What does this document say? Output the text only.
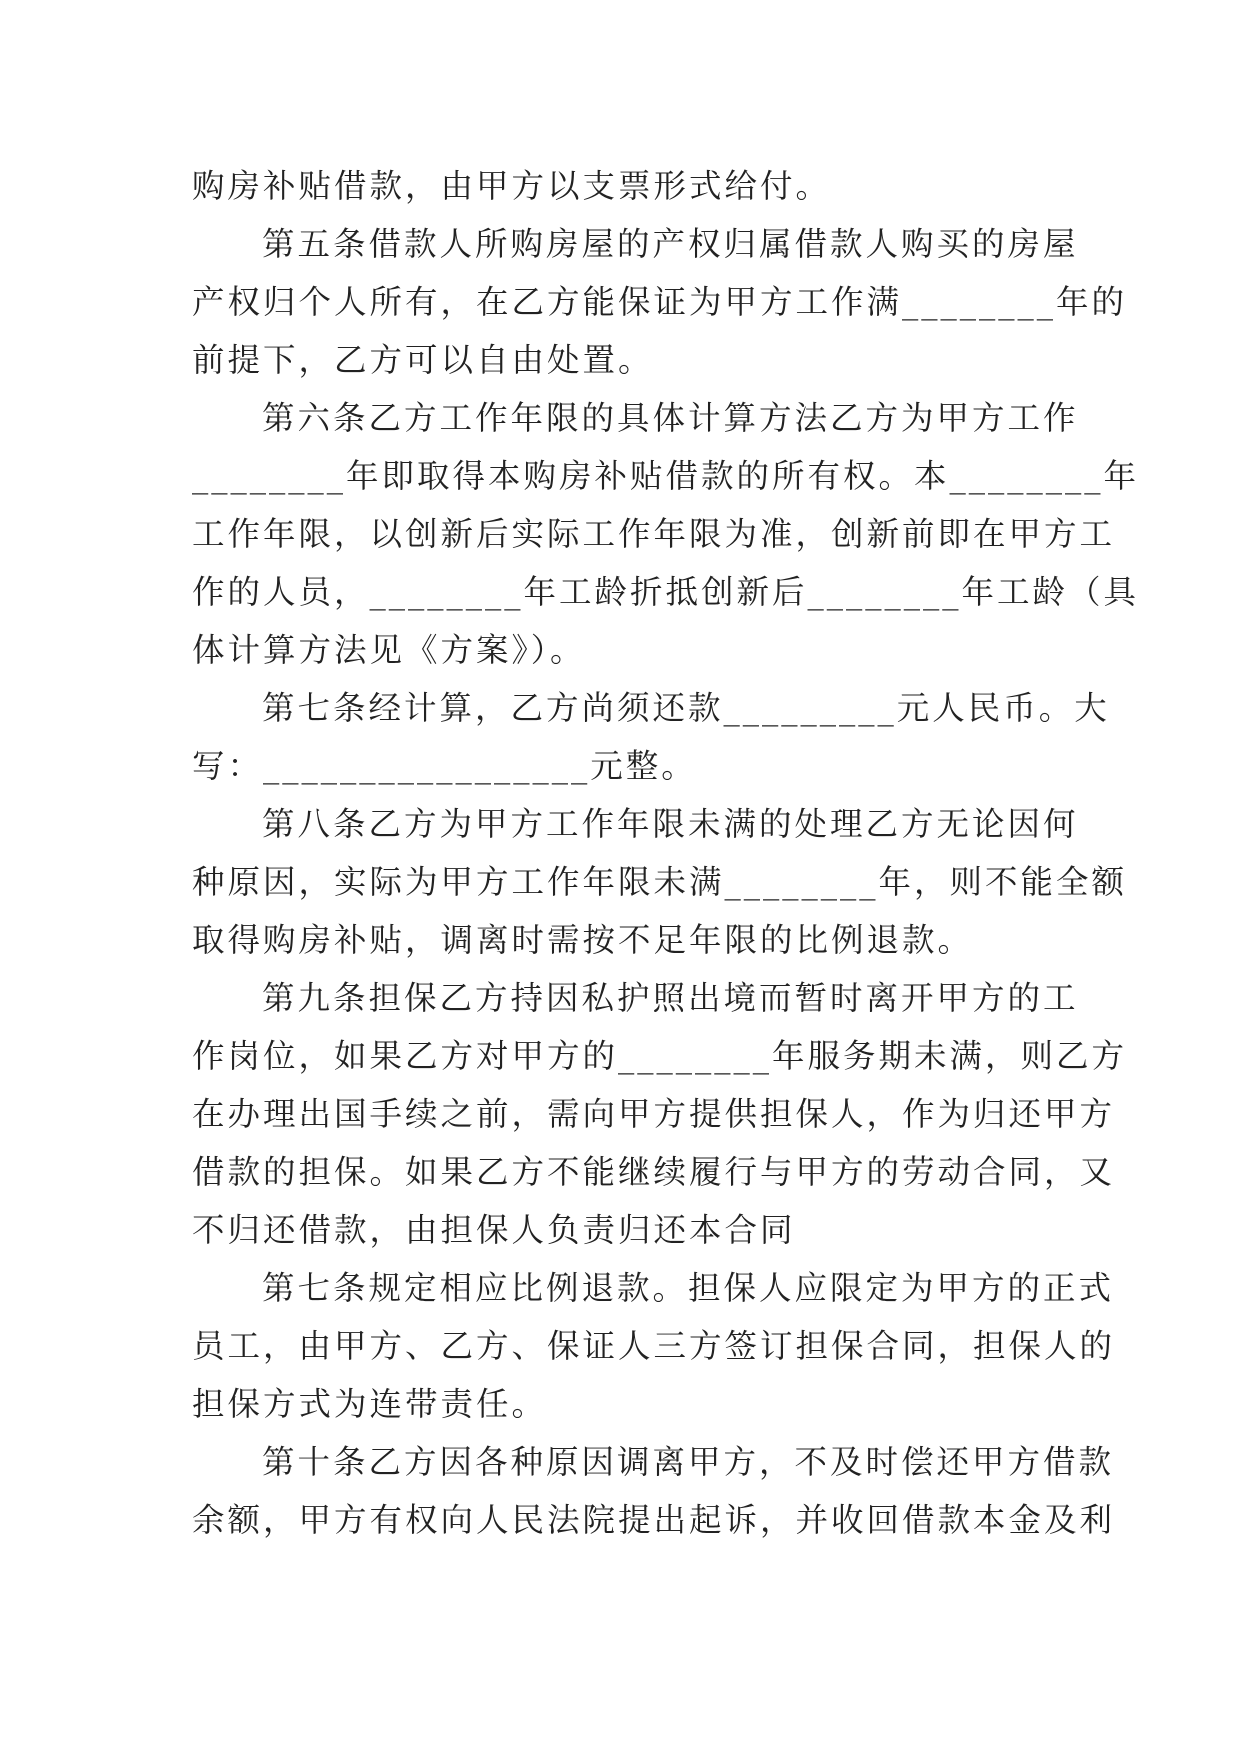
购房补贴借款，由甲方以支票形式给付。
第五条借款人所购房屋的产权归属借款人购买的房屋
产权归个人所有，在乙方能保证为甲方工作满________年的
前提下，乙方可以自由处置。
第六条乙方工作年限的具体计算方法乙方为甲方工作
________年即取得本购房补贴借款的所有权。本________年
工作年限，以创新后实际工作年限为准，创新前即在甲方工
作的人员，________年工龄折抵创新后________年工龄（具
体计算方法见《方案》）。
第七条经计算，乙方尚须还款_________元人民币。大
写：_________________元整。
第八条乙方为甲方工作年限未满的处理乙方无论因何
种原因，实际为甲方工作年限未满________年，则不能全额
取得购房补贴，调离时需按不足年限的比例退款。
第九条担保乙方持因私护照出境而暂时离开甲方的工
作岗位，如果乙方对甲方的________年服务期未满，则乙方
在办理出国手续之前，需向甲方提供担保人，作为归还甲方
借款的担保。如果乙方不能继续履行与甲方的劳动合同，又
不归还借款，由担保人负责归还本合同
第七条规定相应比例退款。担保人应限定为甲方的正式
员工，由甲方、乙方、保证人三方签订担保合同，担保人的
担保方式为连带责任。
第十条乙方因各种原因调离甲方，不及时偿还甲方借款
余额，甲方有权向人民法院提出起诉，并收回借款本金及利
